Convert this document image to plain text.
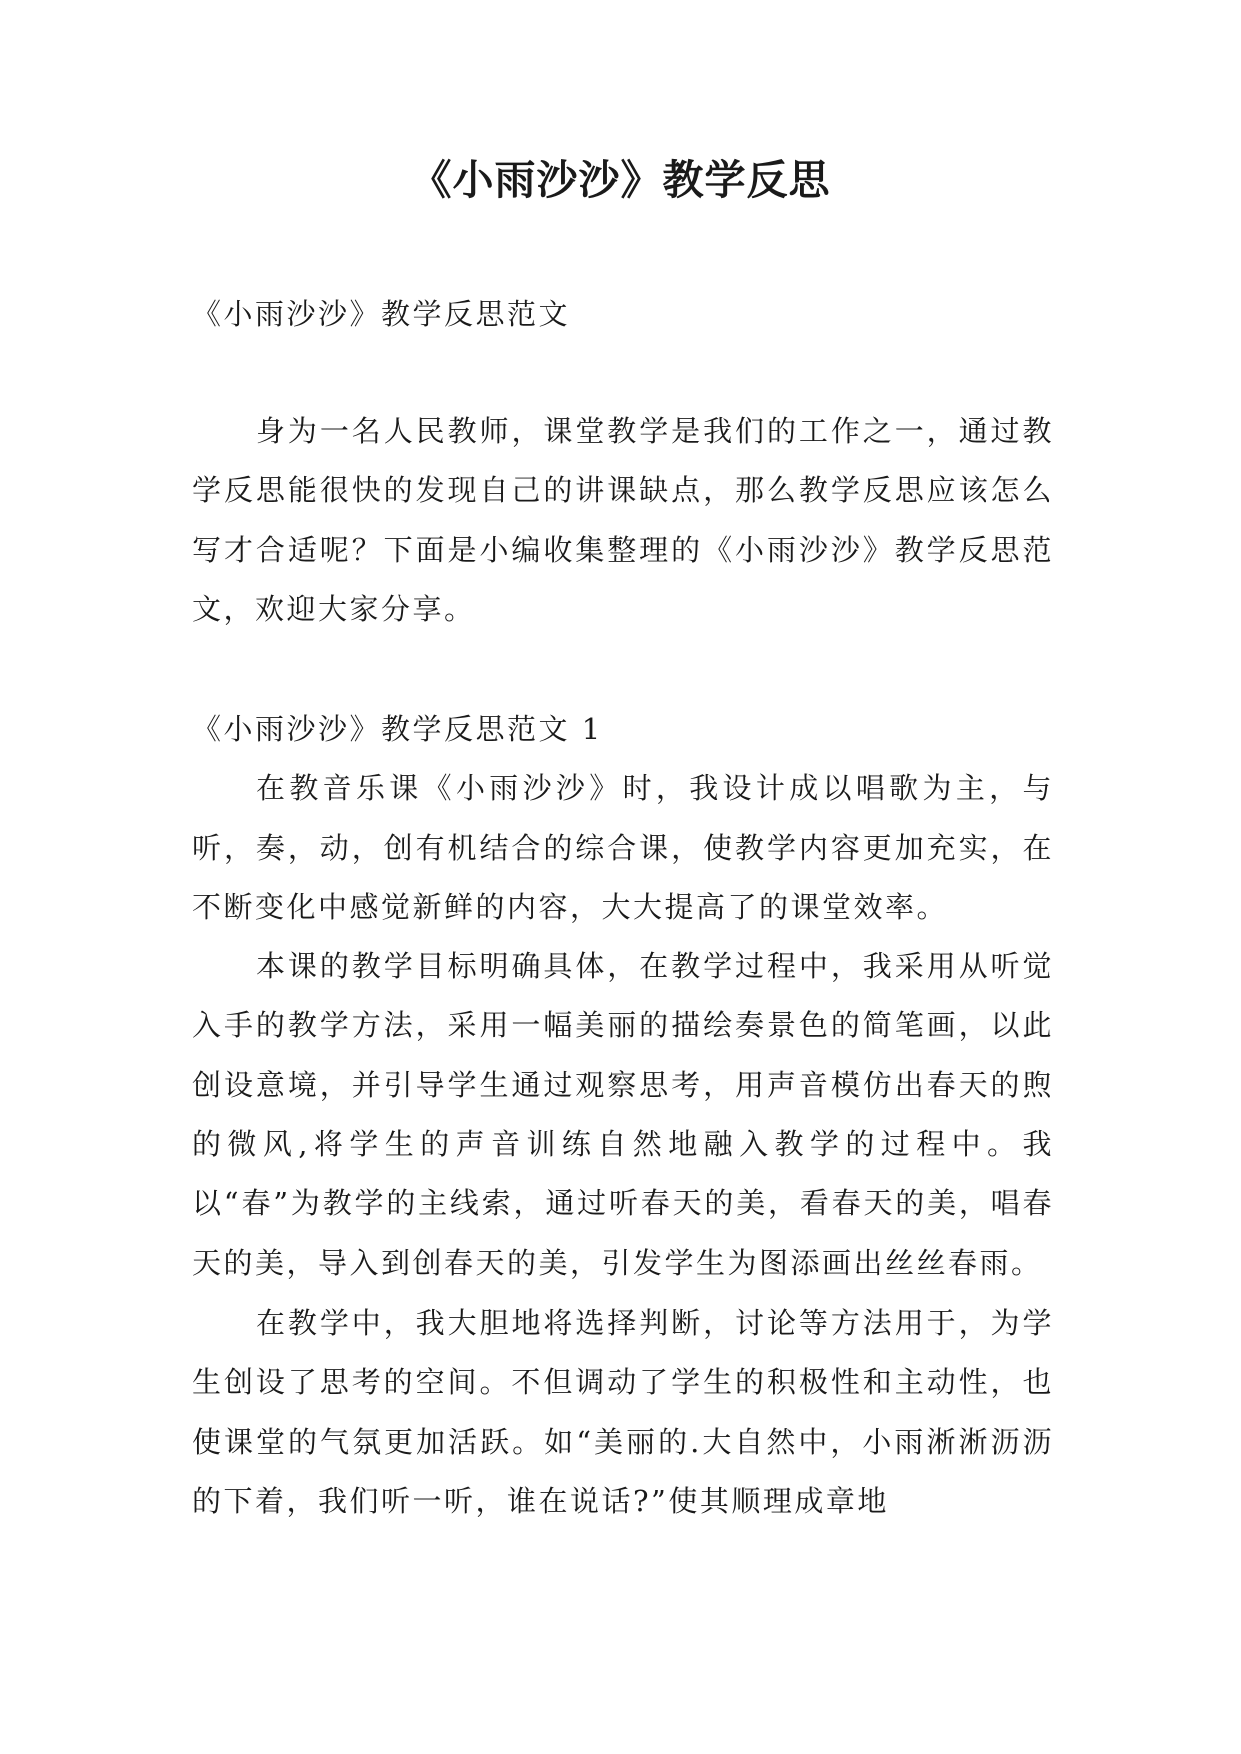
《小雨沙沙》教学反思

《小雨沙沙》教学反思范文

身为一名人民教师，课堂教学是我们的工作之一，通过教学反思能很快的发现自己的讲课缺点，那么教学反思应该怎么写才合适呢？下面是小编收集整理的《小雨沙沙》教学反思范文，欢迎大家分享。

《小雨沙沙》教学反思范文 1

在教音乐课《小雨沙沙》时，我设计成以唱歌为主，与听，奏，动，创有机结合的综合课，使教学内容更加充实，在不断变化中感觉新鲜的内容，大大提高了的课堂效率。

本课的教学目标明确具体，在教学过程中，我采用从听觉入手的教学方法，采用一幅美丽的描绘奏景色的简笔画，以此创设意境，并引导学生通过观察思考，用声音模仿出春天的煦的微风,将学生的声音训练自然地融入教学的过程中。我以“春”为教学的主线索，通过听春天的美，看春天的美，唱春天的美，导入到创春天的美，引发学生为图添画出丝丝春雨。

在教学中，我大胆地将选择判断，讨论等方法用于，为学生创设了思考的空间。不但调动了学生的积极性和主动性，也使课堂的气氛更加活跃。如“美丽的.大自然中，小雨淅淅沥沥的下着，我们听一听，谁在说话?”使其顺理成章地
